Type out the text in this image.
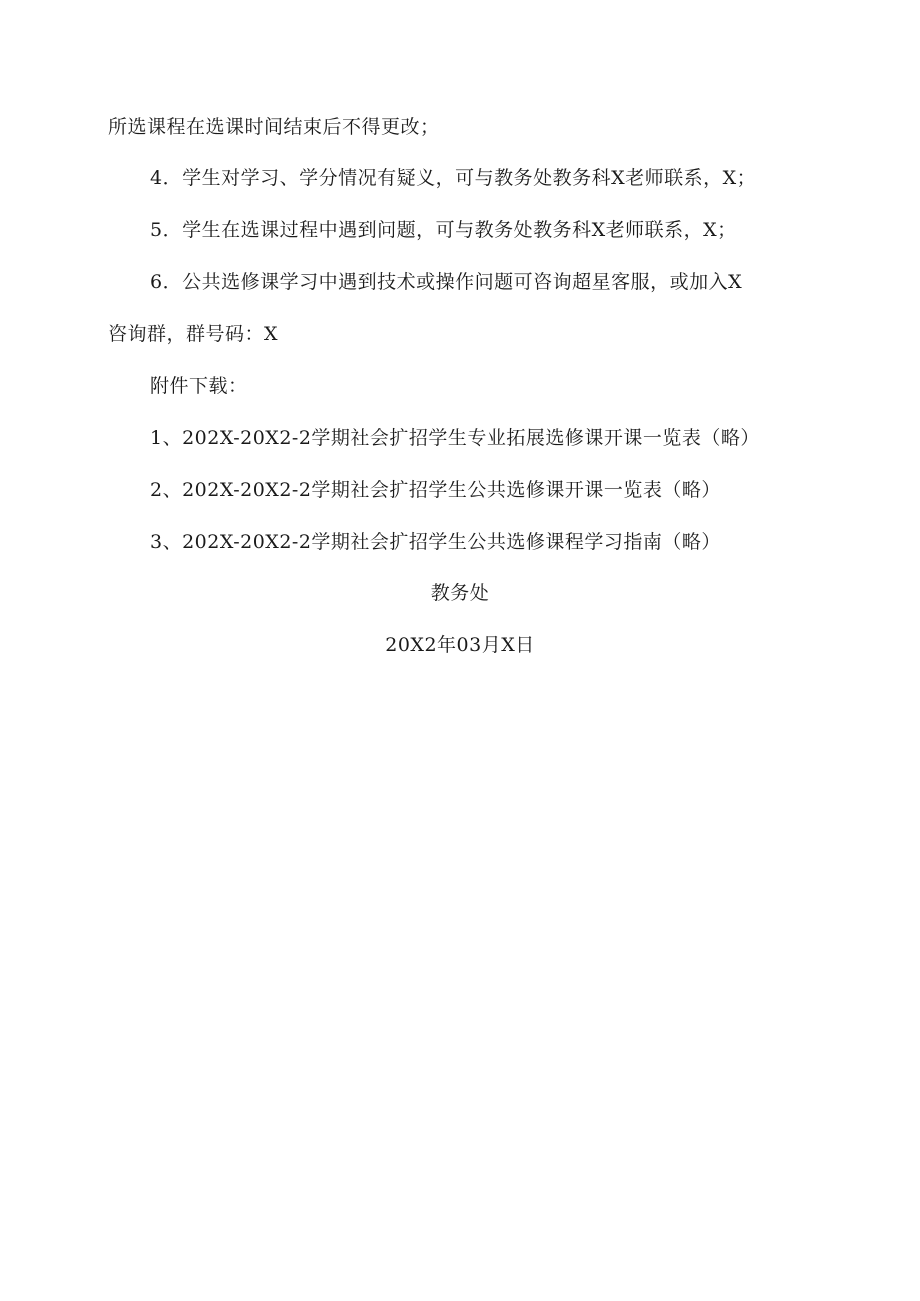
所选课程在选课时间结束后不得更改；
4．学生对学习、学分情况有疑义，可与教务处教务科X老师联系，X；
5．学生在选课过程中遇到问题，可与教务处教务科X老师联系，X；
6．公共选修课学习中遇到技术或操作问题可咨询超星客服，或加入X
咨询群，群号码：X
附件下载：
1、202X-20X2-2学期社会扩招学生专业拓展选修课开课一览表（略）
2、202X-20X2-2学期社会扩招学生公共选修课开课一览表（略）
3、202X-20X2-2学期社会扩招学生公共选修课程学习指南（略）
教务处
20X2年03月X日
